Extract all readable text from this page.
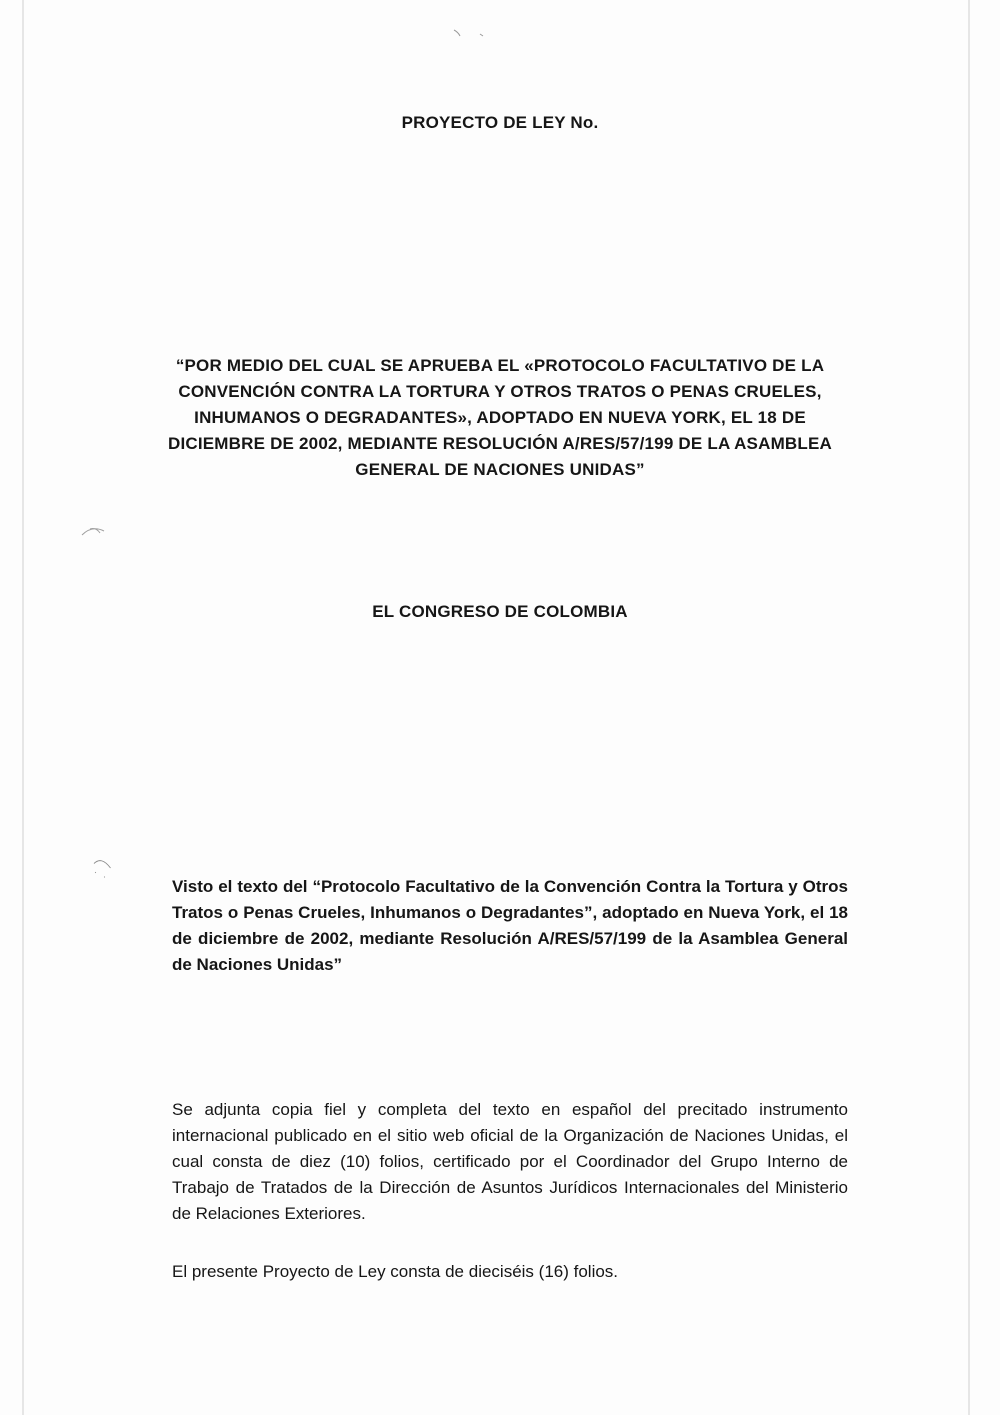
PROYECTO DE LEY No.
“POR MEDIO DEL CUAL SE APRUEBA EL «PROTOCOLO FACULTATIVO DE LA CONVENCIÓN CONTRA LA TORTURA Y OTROS TRATOS O PENAS CRUELES, INHUMANOS O DEGRADANTES», ADOPTADO EN NUEVA YORK, EL 18 DE DICIEMBRE DE 2002, MEDIANTE RESOLUCIÓN A/RES/57/199 DE LA ASAMBLEA GENERAL DE NACIONES UNIDAS”
EL CONGRESO DE COLOMBIA
Visto el texto del “Protocolo Facultativo de la Convención Contra la Tortura y Otros Tratos o Penas Crueles, Inhumanos o Degradantes”, adoptado en Nueva York, el 18 de diciembre de 2002, mediante Resolución A/RES/57/199 de la Asamblea General de Naciones Unidas”
Se adjunta copia fiel y completa del texto en español del precitado instrumento internacional publicado en el sitio web oficial de la Organización de Naciones Unidas, el cual consta de diez (10) folios, certificado por el Coordinador del Grupo Interno de Trabajo de Tratados de la Dirección de Asuntos Jurídicos Internacionales del Ministerio de Relaciones Exteriores.
El presente Proyecto de Ley consta de dieciséis (16) folios.
